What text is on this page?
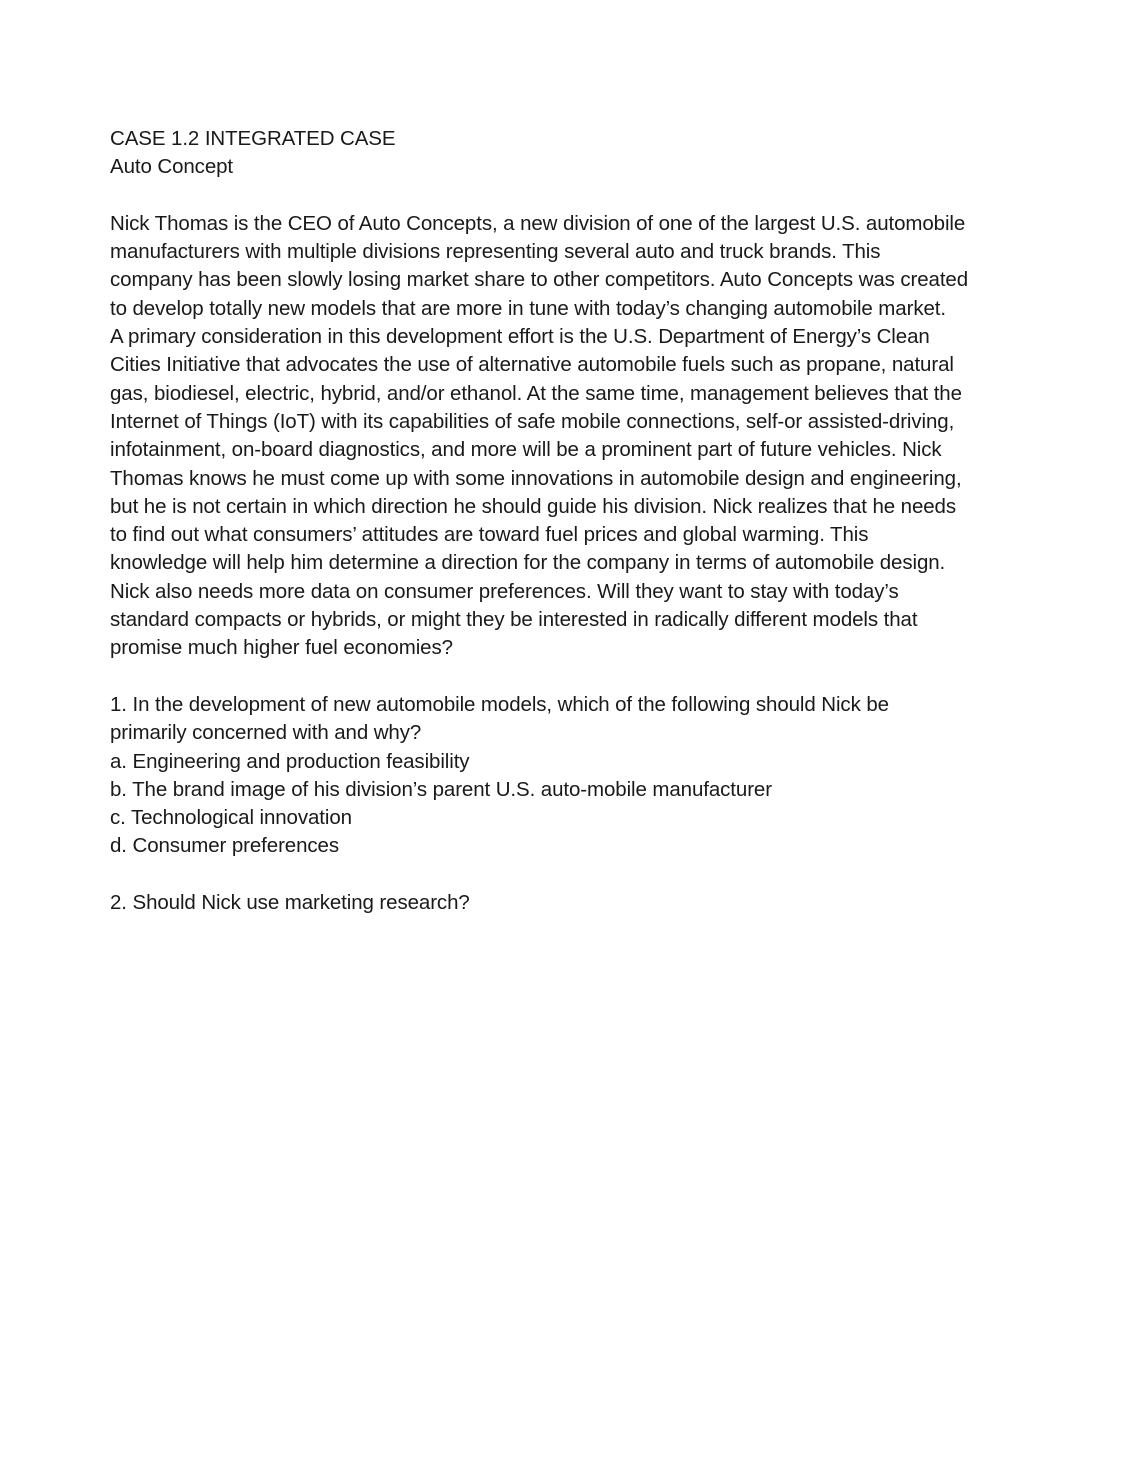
CASE 1.2 INTEGRATED CASE
Auto Concept
Nick Thomas is the CEO of Auto Concepts, a new division of one of the largest U.S. automobile
manufacturers with multiple divisions representing several auto and truck brands. This
company has been slowly losing market share to other competitors. Auto Concepts was created
to develop totally new models that are more in tune with today’s changing automobile market.
A primary consideration in this development effort is the U.S. Department of Energy’s Clean
Cities Initiative that advocates the use of alternative automobile fuels such as propane, natural
gas, biodiesel, electric, hybrid, and/or ethanol. At the same time, management believes that the
Internet of Things (IoT) with its capabilities of safe mobile connections, self-or assisted-driving,
infotainment, on-board diagnostics, and more will be a prominent part of future vehicles. Nick
Thomas knows he must come up with some innovations in automobile design and engineering,
but he is not certain in which direction he should guide his division. Nick realizes that he needs
to find out what consumers’ attitudes are toward fuel prices and global warming. This
knowledge will help him determine a direction for the company in terms of automobile design.
Nick also needs more data on consumer preferences. Will they want to stay with today’s
standard compacts or hybrids, or might they be interested in radically different models that
promise much higher fuel economies?
1. In the development of new automobile models, which of the following should Nick be
primarily concerned with and why?
a. Engineering and production feasibility
b. The brand image of his division’s parent U.S. auto-mobile manufacturer
c. Technological innovation
d. Consumer preferences
2. Should Nick use marketing research?
